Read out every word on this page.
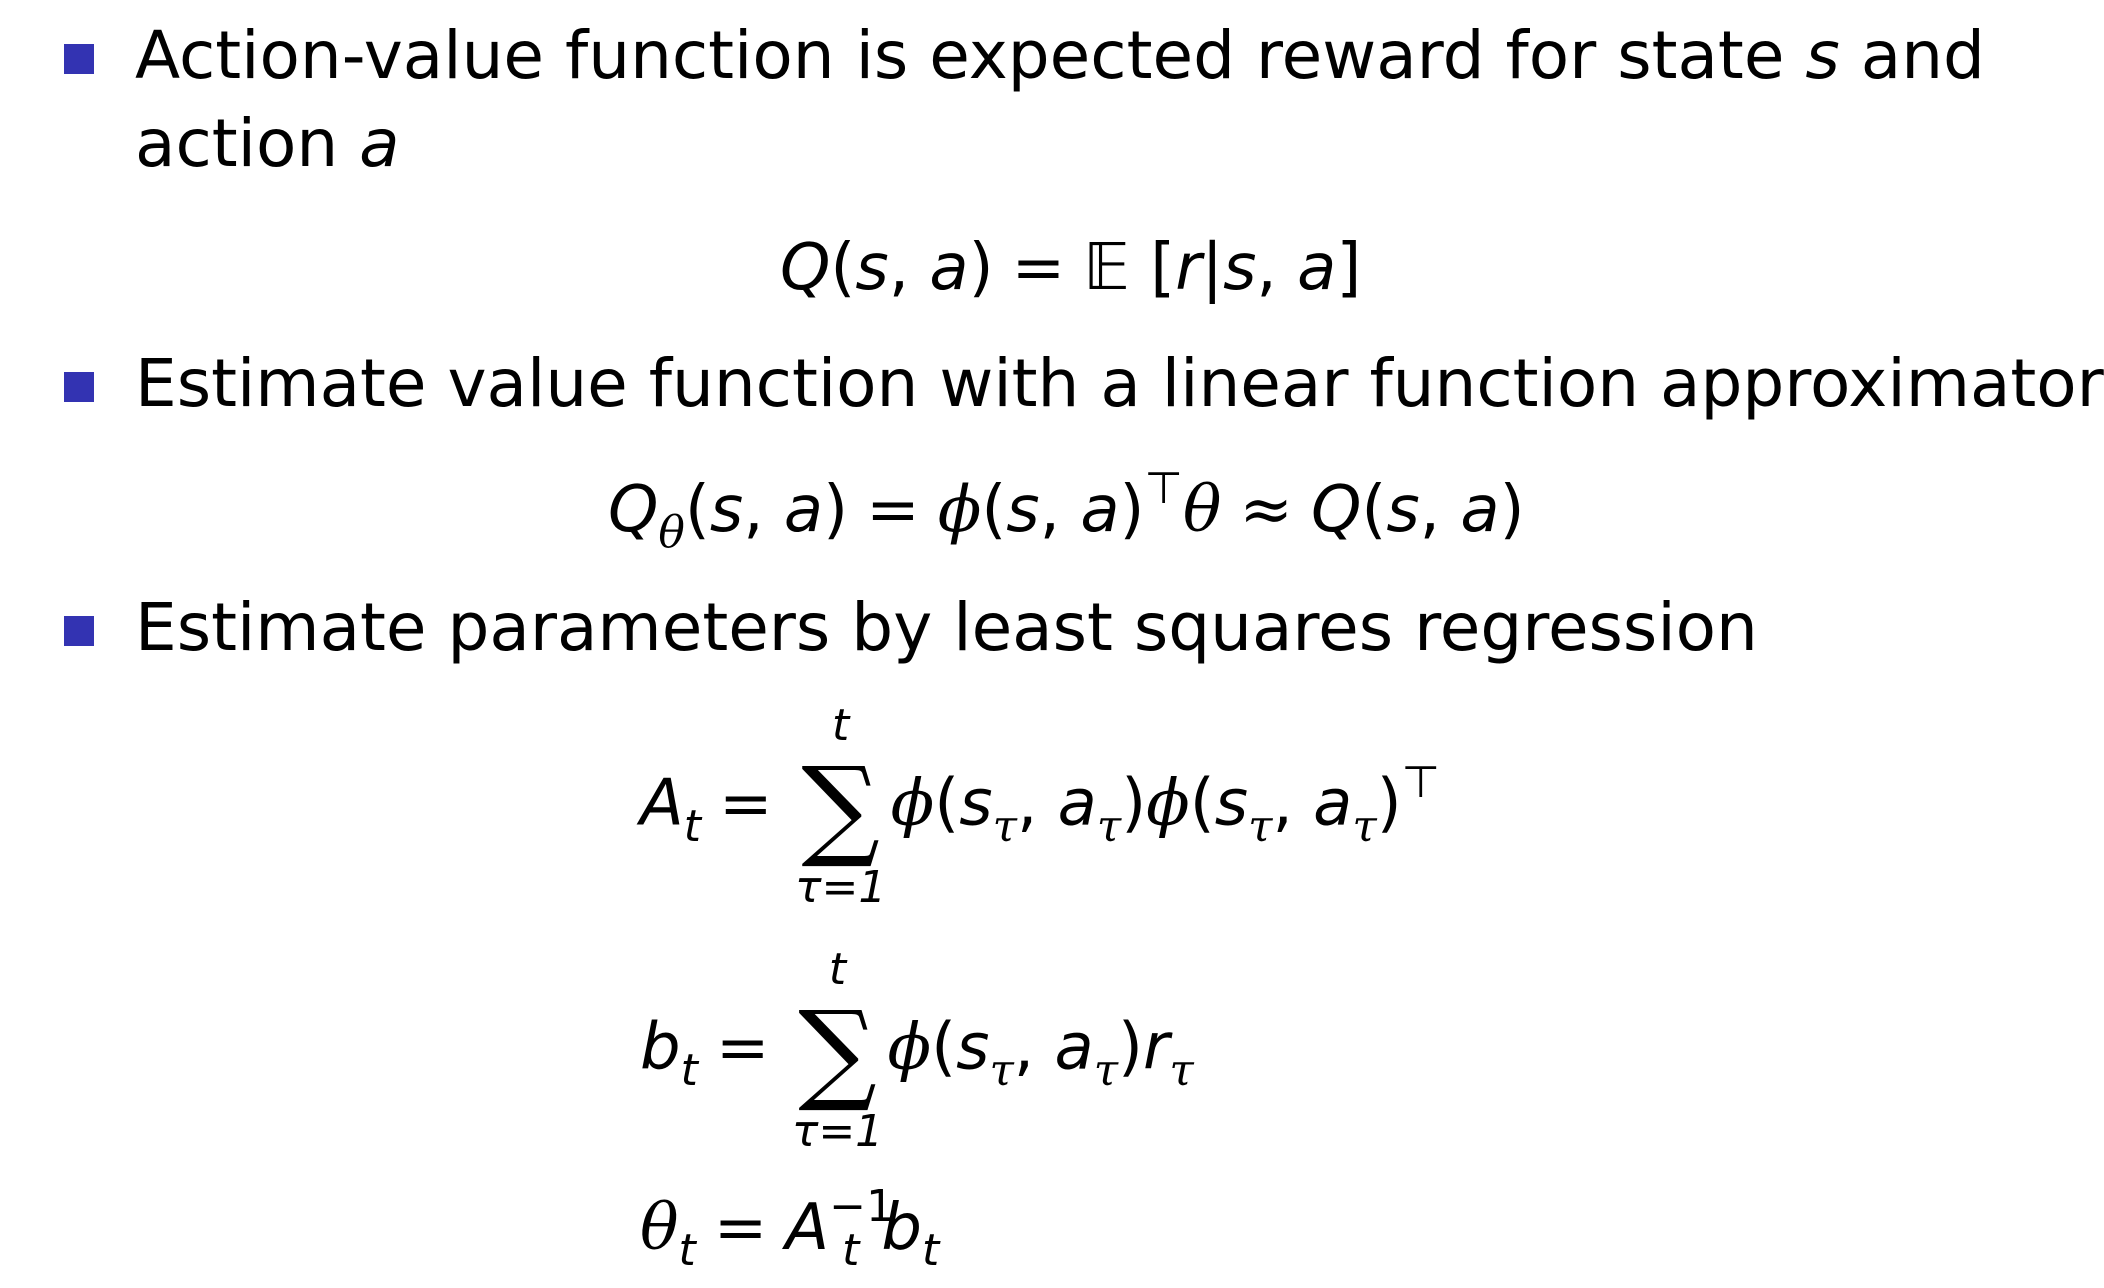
Action-value function is expected reward for state s and
action a
Q(s, a) = 𝔼 [r|s, a]
Estimate value function with a linear function approximator
$Q_\theta(s$, a) = ϕ(s, a)⊤θ ≈ Q(s, a)
Estimate parameters by least squares regression
$A_t$ =
t
∑
τ=1
$\phi(s_\tau$, $a_\tau)\phi(s_\tau$, $a_\tau)^⊤$
$b_t$ =
t
∑
τ=1
$\phi(s_\tau$, $a_\tau)r_\tau$
$\theta_t = A^{-1}_t$ $b_t$
